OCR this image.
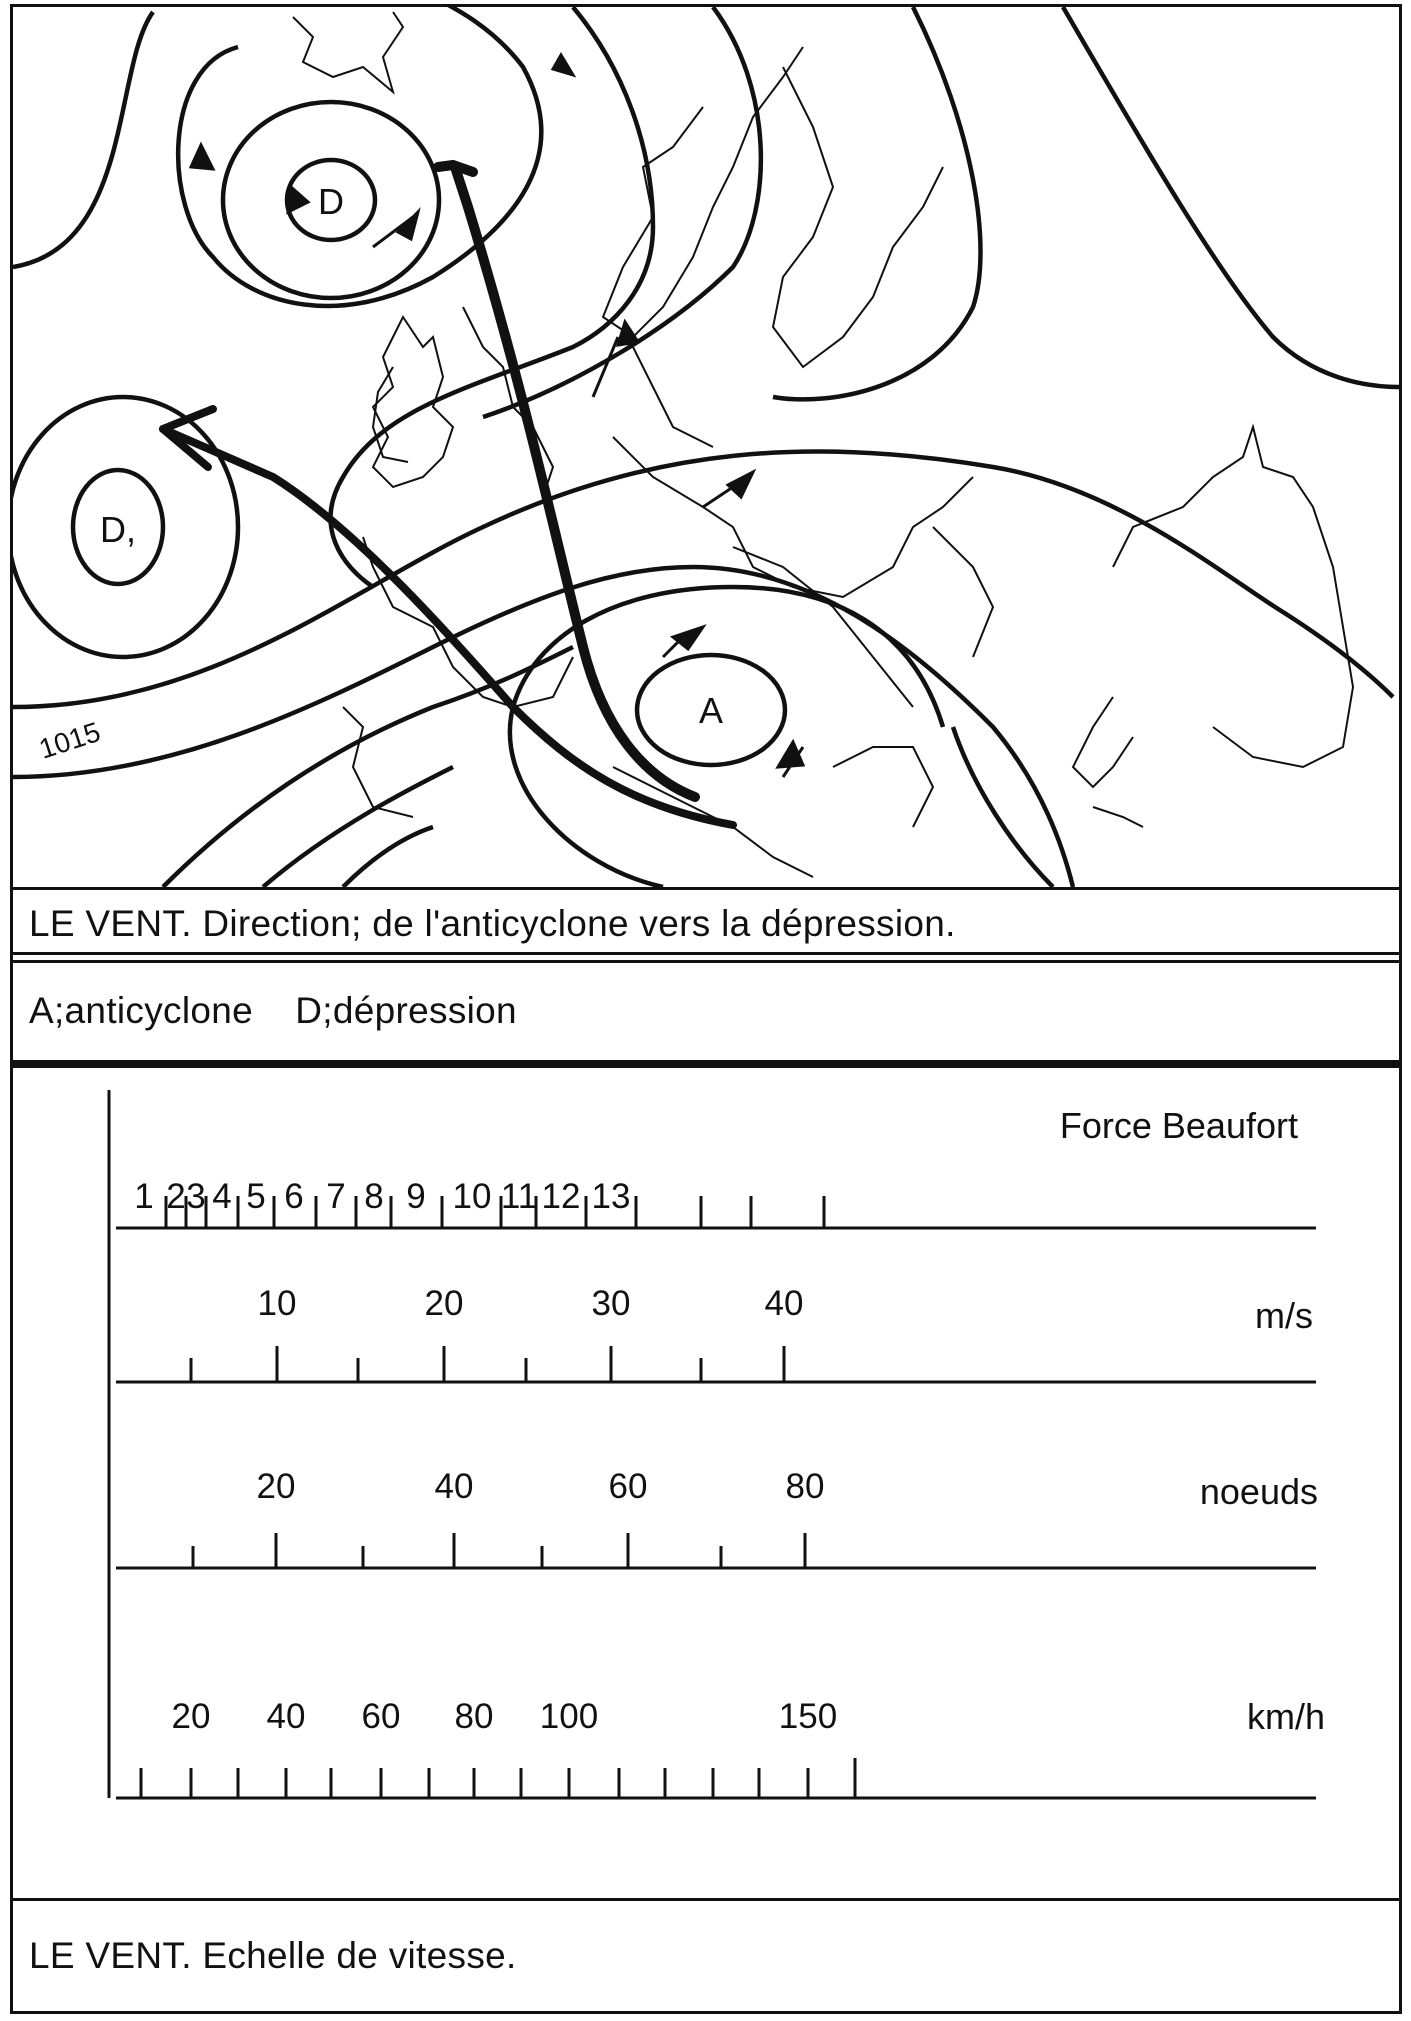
D
D,
A
1015
LE VENT. Direction; de l'anticyclone vers la dépression.
A;anticyclone    D;dépression
Force Beaufort
1 2 3 4 5 6 7 8 9 10 11 12 13
m/s
10	20	30	40
noeuds
20	40	60	80
km/h
20 40 60 80 100	150
LE VENT. Echelle de vitesse.
